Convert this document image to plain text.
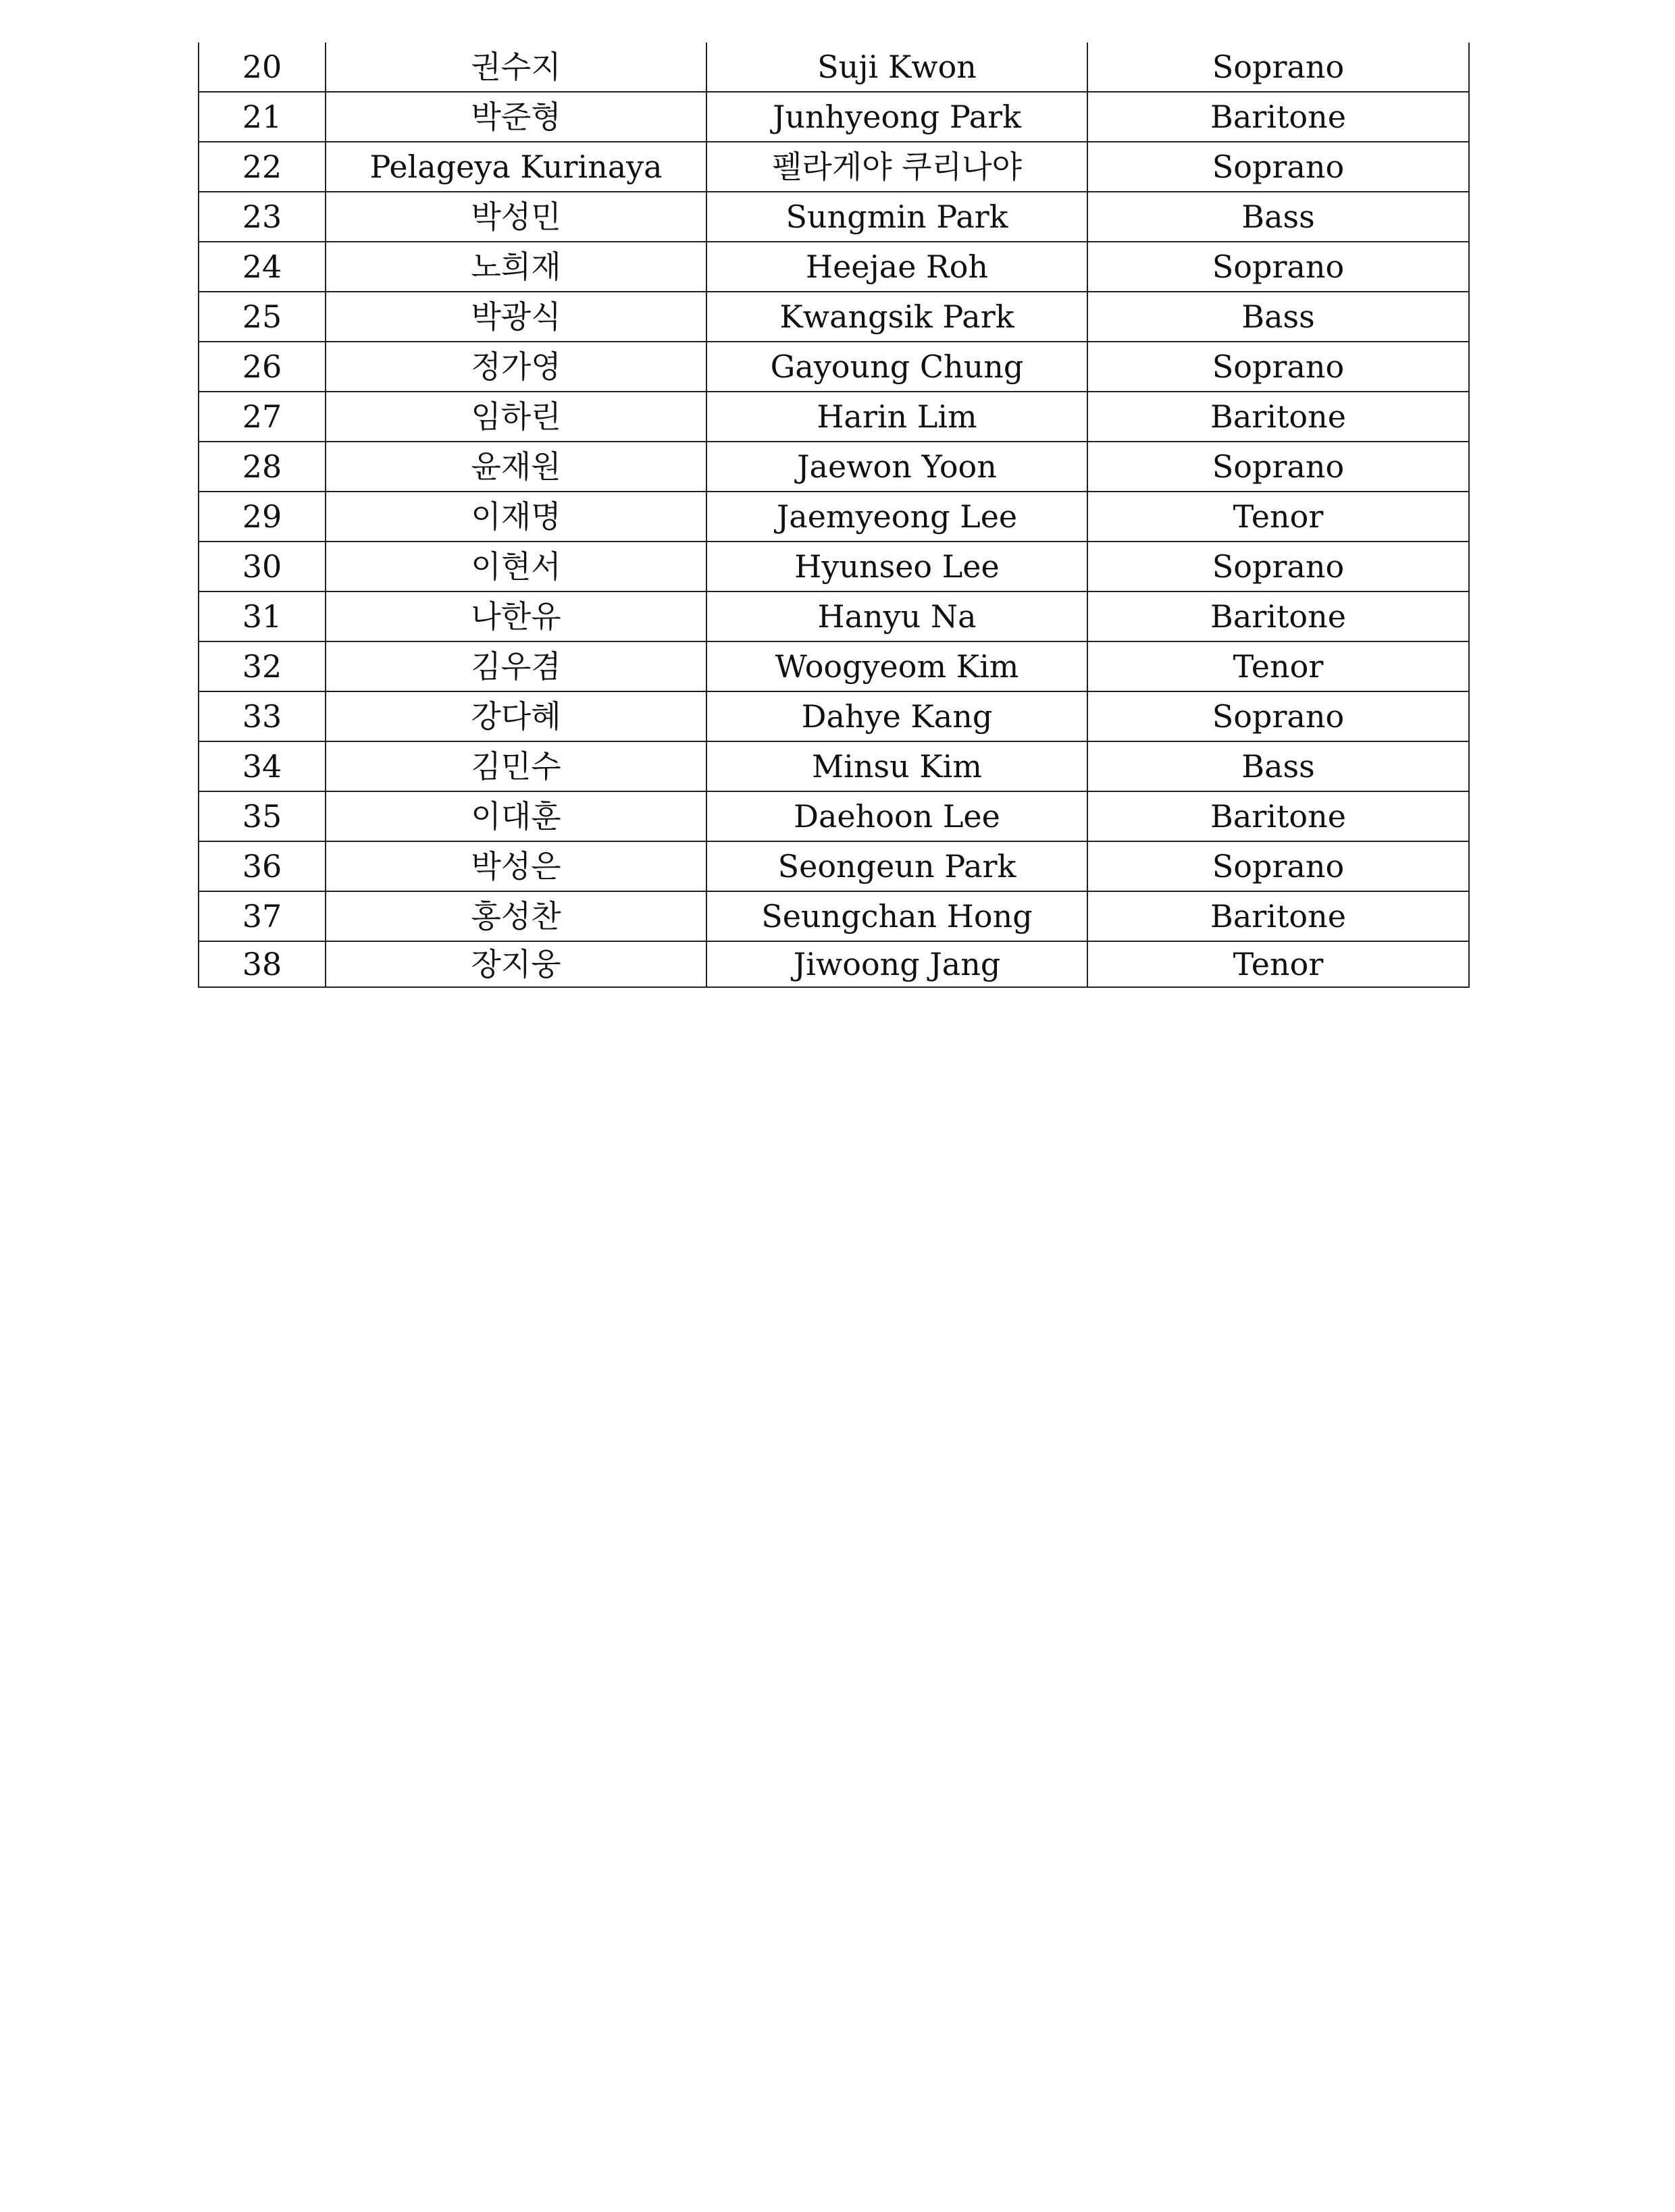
20	권수지	Suji Kwon	Soprano
21	박준형	Junhyeong Park	Baritone
22	Pelageya Kurinaya	펠라게야 쿠리나야	Soprano
23	박성민	Sungmin Park	Bass
24	노희재	Heejae Roh	Soprano
25	박광식	Kwangsik Park	Bass
26	정가영	Gayoung Chung	Soprano
27	임하린	Harin Lim	Baritone
28	윤재원	Jaewon Yoon	Soprano
29	이재명	Jaemyeong Lee	Tenor
30	이현서	Hyunseo Lee	Soprano
31	나한유	Hanyu Na	Baritone
32	김우겸	Woogyeom Kim	Tenor
33	강다혜	Dahye Kang	Soprano
34	김민수	Minsu Kim	Bass
35	이대훈	Daehoon Lee	Baritone
36	박성은	Seongeun Park	Soprano
37	홍성찬	Seungchan Hong	Baritone
38	장지웅	Jiwoong Jang	Tenor
